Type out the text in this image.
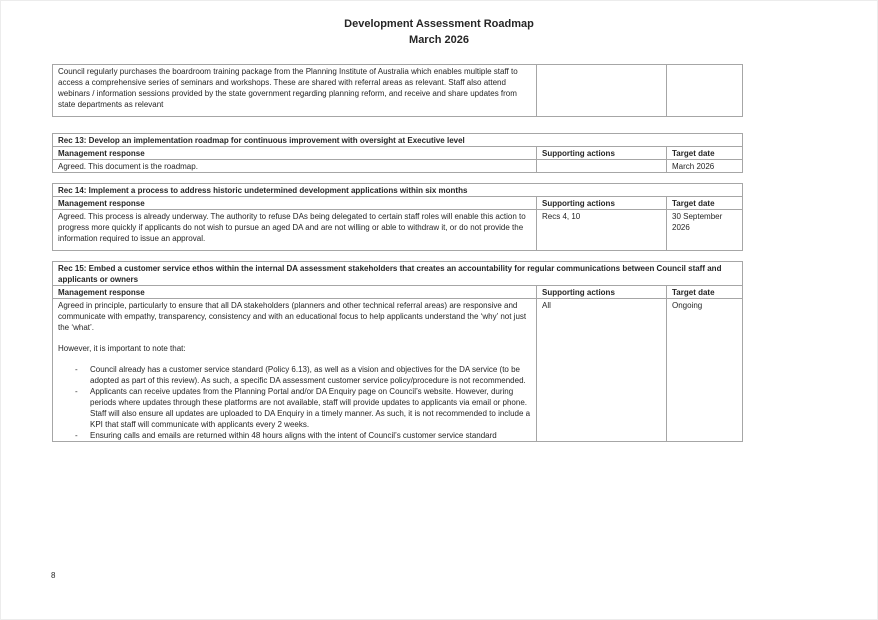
Development Assessment Roadmap
March 2026
Council regularly purchases the boardroom training package from the Planning Institute of Australia which enables multiple staff to access a comprehensive series of seminars and workshops. These are shared with referral areas as relevant. Staff also attend webinars / information sessions provided by the state government regarding planning reform, and receive and share updates from state departments as relevant		
Rec 13: Develop an implementation roadmap for continuous improvement with oversight at Executive level		
Management response	Supporting actions	Target date
Agreed. This document is the roadmap.		March 2026
Rec 14: Implement a process to address historic undetermined development applications within six months		
Management response	Supporting actions	Target date
Agreed. This process is already underway. The authority to refuse DAs being delegated to certain staff roles will enable this action to progress more quickly if applicants do not wish to pursue an aged DA and are not willing or able to withdraw it, or do not provide the information required to issue an approval.	Recs 4, 10	30 September 2026
Rec 15: Embed a customer service ethos within the internal DA assessment stakeholders that creates an accountability for regular communications between Council staff and applicants or owners		
Management response	Supporting actions	Target date

Agreed in principle, particularly to ensure that all DA stakeholders (planners and other technical referral areas) are responsive and communicate with empathy, transparency, consistency and with an educational focus to help applicants understand the ‘why’ not just the ‘what’.
However, it is important to note that:
-
Council already has a customer service standard (Policy 6.13), as well as a vision and objectives for the DA service (to be adopted as part of this review). As such, a specific DA assessment customer service policy/procedure is not recommended.
-
Applicants can receive updates from the Planning Portal and/or DA Enquiry page on Council’s website. However, during periods where updates through these platforms are not available, staff will provide updates to applicants via email or phone. Staff will also ensure all updates are uploaded to DA Enquiry in a timely manner. As such, it is not recommended to include a KPI that staff will communicate with applicants every 2 weeks.
-
Ensuring calls and emails are returned within 48 hours aligns with the intent of Council’s customer service standard	All	Ongoing
8
